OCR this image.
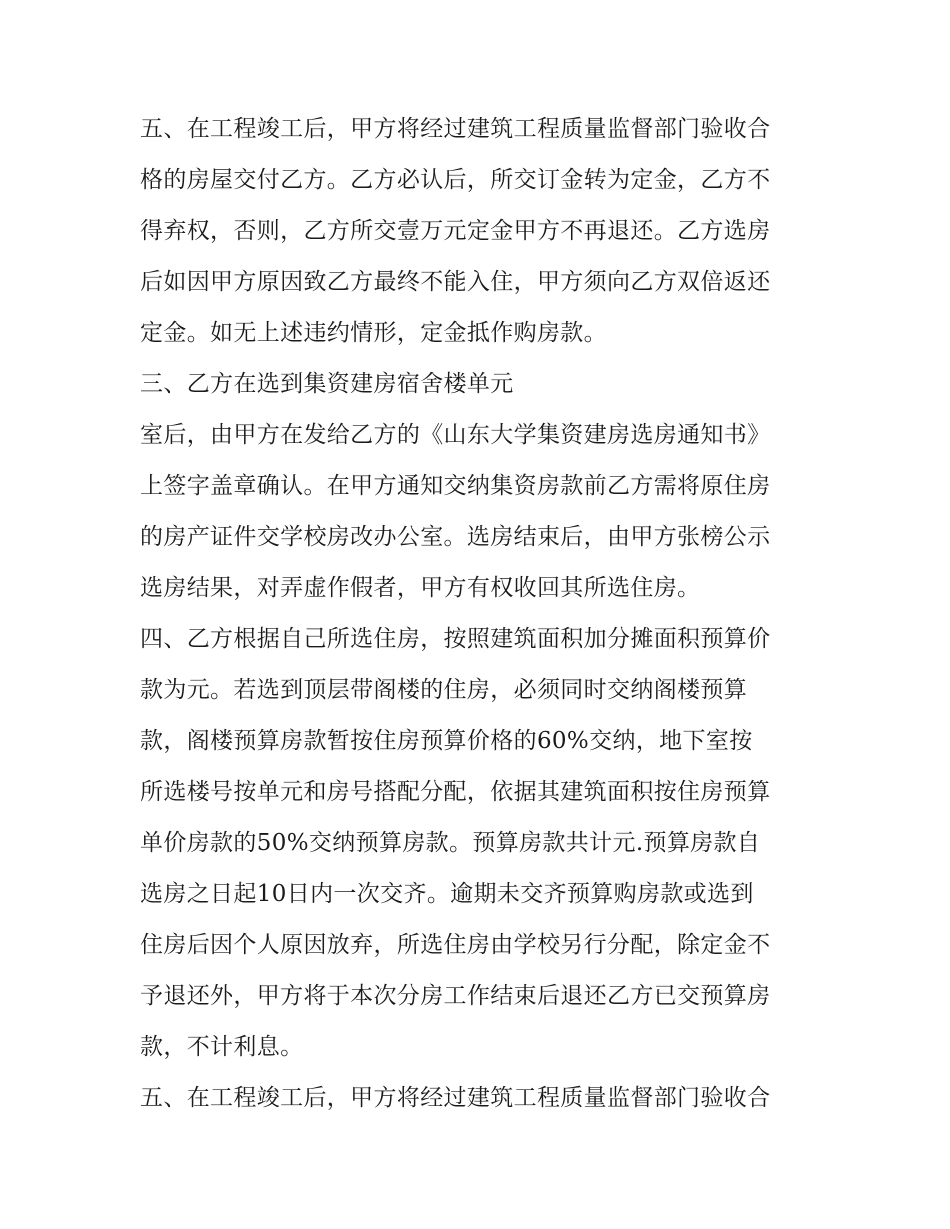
五、在工程竣工后，甲方将经过建筑工程质量监督部门验收合
格的房屋交付乙方。乙方必认后，所交订金转为定金，乙方不
得弃权，否则，乙方所交壹万元定金甲方不再退还。乙方选房
后如因甲方原因致乙方最终不能入住，甲方须向乙方双倍返还
定金。如无上述违约情形，定金抵作购房款。
三、乙方在选到集资建房宿舍楼单元
室后，由甲方在发给乙方的《山东大学集资建房选房通知书》
上签字盖章确认。在甲方通知交纳集资房款前乙方需将原住房
的房产证件交学校房改办公室。选房结束后，由甲方张榜公示
选房结果，对弄虚作假者，甲方有权收回其所选住房。
四、乙方根据自己所选住房，按照建筑面积加分摊面积预算价
款为元。若选到顶层带阁楼的住房，必须同时交纳阁楼预算
款，阁楼预算房款暂按住房预算价格的60%交纳，地下室按
所选楼号按单元和房号搭配分配，依据其建筑面积按住房预算
单价房款的50%交纳预算房款。预算房款共计元.预算房款自
选房之日起10日内一次交齐。逾期未交齐预算购房款或选到
住房后因个人原因放弃，所选住房由学校另行分配，除定金不
予退还外，甲方将于本次分房工作结束后退还乙方已交预算房
款，不计利息。
五、在工程竣工后，甲方将经过建筑工程质量监督部门验收合
